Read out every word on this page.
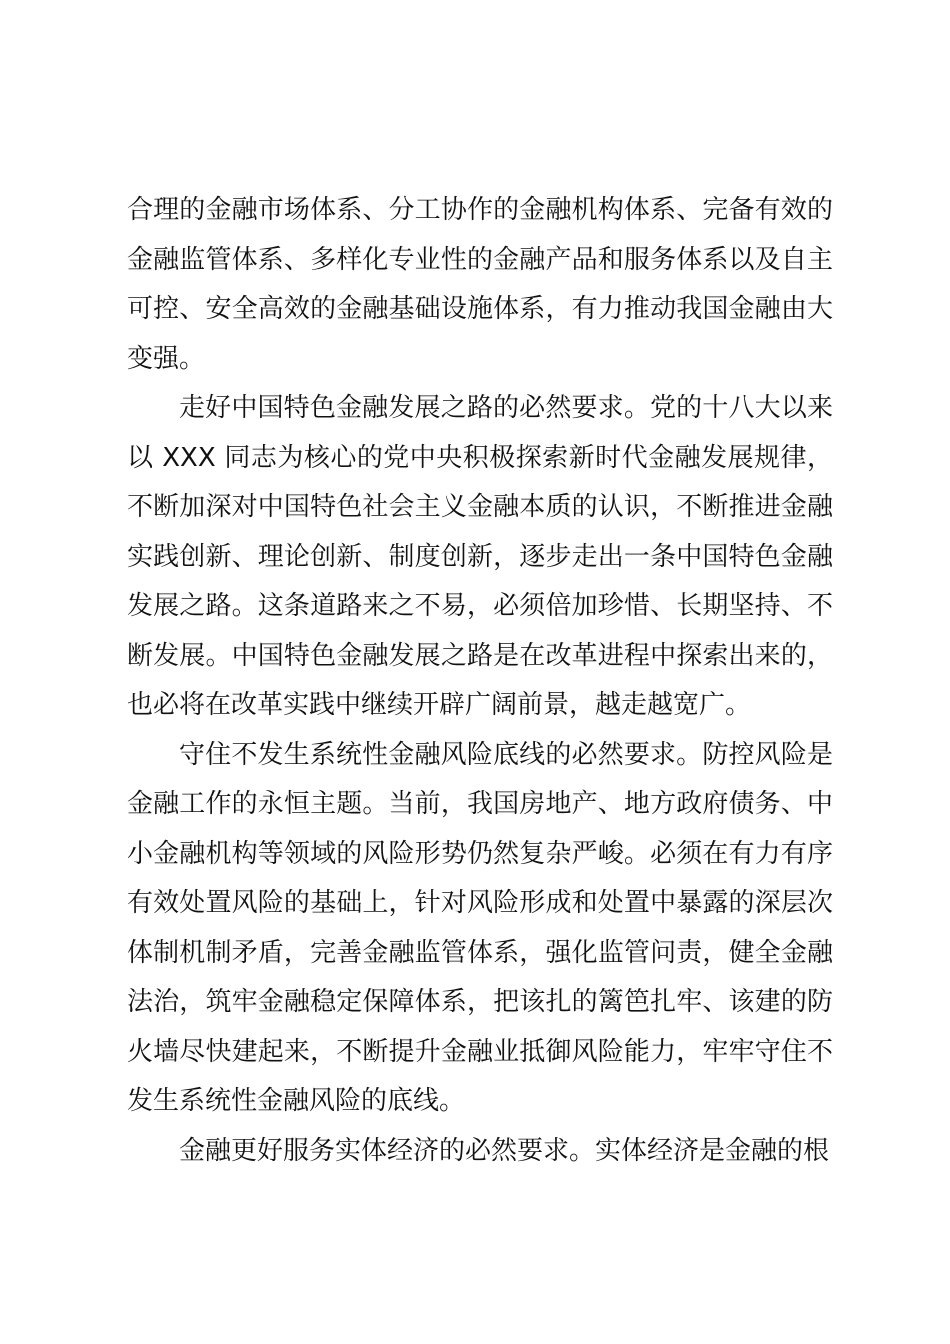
合理的金融市场体系、分工协作的金融机构体系、完备有效的金融监管体系、多样化专业性的金融产品和服务体系以及自主可控、安全高效的金融基础设施体系，有力推动我国金融由大变强。

走好中国特色金融发展之路的必然要求。党的十八大以来以 XXX 同志为核心的党中央积极探索新时代金融发展规律，不断加深对中国特色社会主义金融本质的认识，不断推进金融实践创新、理论创新、制度创新，逐步走出一条中国特色金融发展之路。这条道路来之不易，必须倍加珍惜、长期坚持、不断发展。中国特色金融发展之路是在改革进程中探索出来的，也必将在改革实践中继续开辟广阔前景，越走越宽广。

守住不发生系统性金融风险底线的必然要求。防控风险是金融工作的永恒主题。当前，我国房地产、地方政府债务、中小金融机构等领域的风险形势仍然复杂严峻。必须在有力有序有效处置风险的基础上，针对风险形成和处置中暴露的深层次体制机制矛盾，完善金融监管体系，强化监管问责，健全金融法治，筑牢金融稳定保障体系，把该扎的篱笆扎牢、该建的防火墙尽快建起来，不断提升金融业抵御风险能力，牢牢守住不发生系统性金融风险的底线。

金融更好服务实体经济的必然要求。实体经济是金融的根
